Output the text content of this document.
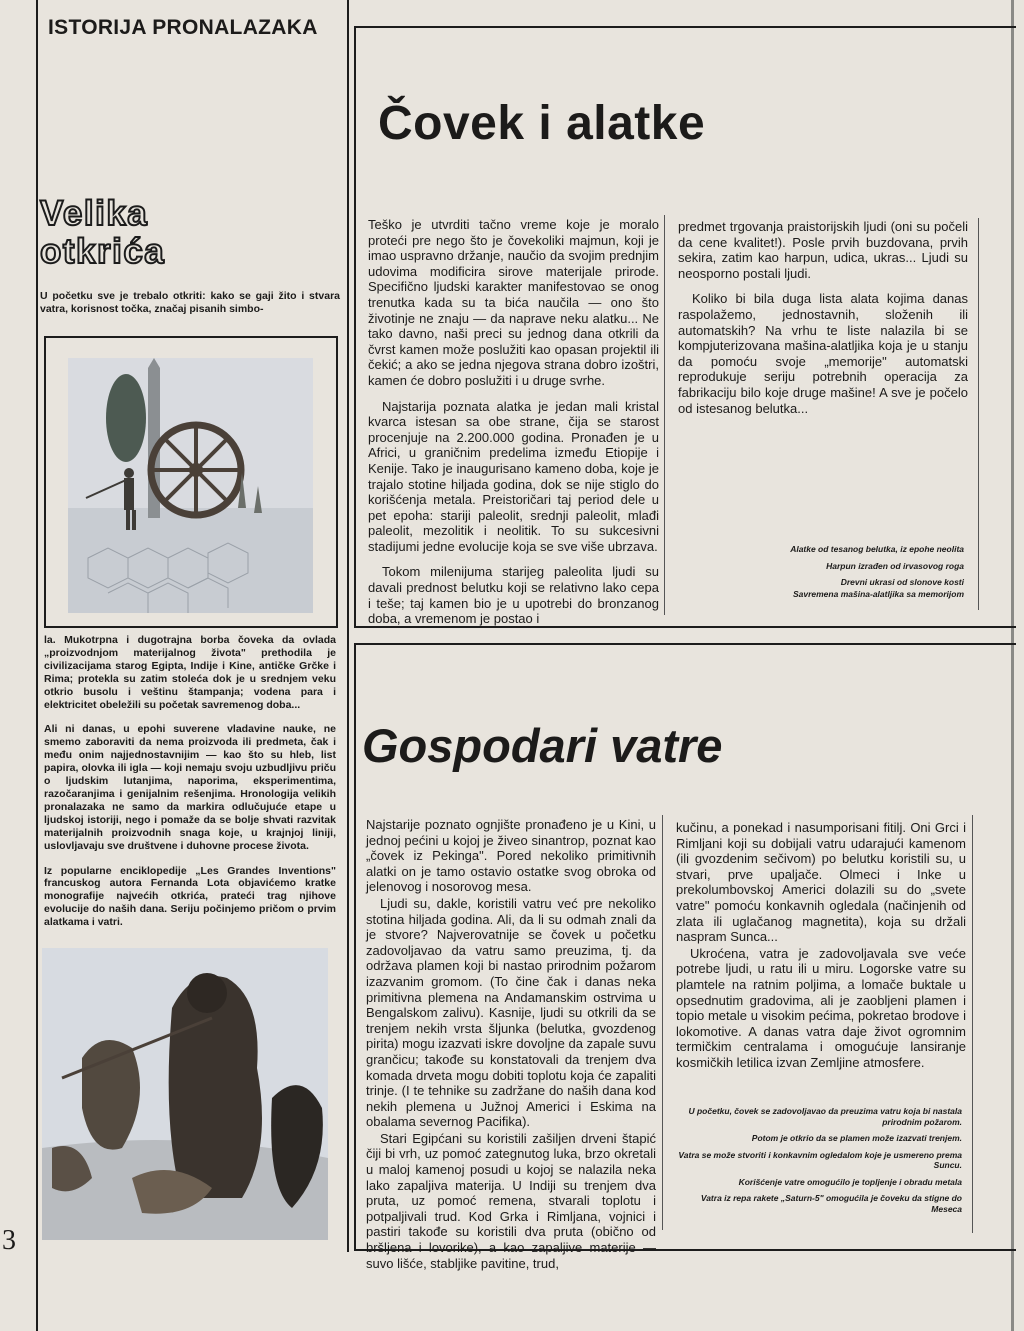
ISTORIJA PRONALAZAKA
Čovek i alatke

Teško je utvrditi tačno vreme koje je moralo proteći pre nego što je čovekoliki majmun, koji je imao uspravno držanje, naučio da svojim prednjim udovima modificira sirove materijale prirode. Specifično ljudski karakter manifestovao se onog trenutka kada su ta bića naučila — ono što životinje ne znaju — da naprave neku alatku... Ne tako davno, naši preci su jednog dana otkrili da čvrst kamen može poslužiti kao opasan projektil ili čekić; a ako se jedna njegova strana dobro izoštri, kamen će dobro poslužiti i u druge svrhe.

Najstarija poznata alatka je jedan mali kristal kvarca istesan sa obe strane, čija se starost procenjuje na 2.200.000 godina. Pronađen je u Africi, u graničnim predelima između Etiopije i Kenije. Tako je inaugurisano kameno doba, koje je trajalo stotine hiljada godina, dok se nije stiglo do korišćenja metala. Preistoričari taj period dele u pet epoha: stariji paleolit, srednji paleolit, mlađi paleolit, mezolitik i neolitik. To su sukcesivni stadijumi jedne evolucije koja se sve više ubrzava.

Tokom milenijuma starijeg paleolita ljudi su davali prednost belutku koji se relativno lako cepa i teše; taj kamen bio je u upotrebi do bronzanog doba, a vremenom je postao i

predmet trgovanja praistorijskih ljudi (oni su počeli da cene kvalitet!). Posle prvih buzdovana, prvih sekira, zatim kao harpun, udica, ukras... Ljudi su neosporno postali ljudi.

Koliko bi bila duga lista alata kojima danas raspolažemo, jednostavnih, složenih ili automatskih? Na vrhu te liste nalazila bi se kompjuterizovana mašina-alatljika koja je u stanju da pomoću svoje „memorije" automatski reprodukuje seriju potrebnih operacija za fabrikaciju bilo koje druge mašine! A sve je počelo od istesanog belutka...

Alatke od tesanog belutka, iz epohe neolita

Harpun izrađen od irvasovog roga

Drevni ukrasi od slonove kosti

Savremena mašina-alatljika sa memorijom

Velika
otkrića
U početku sve je trebalo otkriti: kako se gaji žito i stvara vatra, korisnost točka, značaj pisanih simbo-

la. Mukotrpna i dugotrajna borba čoveka da ovlada „proizvodnjom materijalnog života" prethodila je civilizacijama starog Egipta, Indije i Kine, antičke Grčke i Rima; protekla su zatim stoleća dok je u srednjem veku otkrio busolu i veštinu štampanja; vodena para i elektricitet obeležili su početak savremenog doba...

Ali ni danas, u epohi suverene vladavine nauke, ne smemo zaboraviti da nema proizvoda ili predmeta, čak i među onim najjednostavnijim — kao što su hleb, list papira, olovka ili igla — koji nemaju svoju uzbudljivu priču o ljudskim lutanjima, naporima, eksperimentima, razočaranjima i genijalnim rešenjima. Hronologija velikih pronalazaka ne samo da markira odlučujuće etape u ljudskoj istoriji, nego i pomaže da se bolje shvati razvitak materijalnih proizvodnih snaga koje, u krajnjoj liniji, uslovljavaju sve društvene i duhovne procese života.

Iz popularne enciklopedije „Les Grandes Inventions" francuskog autora Fernanda Lota objavićemo kratke monografije najvećih otkrića, prateći trag njihove evolucije do naših dana. Seriju počinjemo pričom o prvim alatkama i vatri.

Gospodari vatre

Najstarije poznato ognjište pronađeno je u Kini, u jednoj pećini u kojoj je živeo sinantrop, poznat kao „čovek iz Pekinga". Pored nekoliko primitivnih alatki on je tamo ostavio ostatke svog obroka od jelenovog i nosorovog mesa.

Ljudi su, dakle, koristili vatru već pre nekoliko stotina hiljada godina. Ali, da li su odmah znali da je stvore? Najverovatnije se čovek u početku zadovoljavao da vatru samo preuzima, tj. da održava plamen koji bi nastao prirodnim požarom izazvanim gromom. (To čine čak i danas neka primitivna plemena na Andamanskim ostrvima u Bengalskom zalivu). Kasnije, ljudi su otkrili da se trenjem nekih vrsta šljunka (belutka, gvozdenog pirita) mogu izazvati iskre dovoljne da zapale suvu grančicu; takođe su konstatovali da trenjem dva komada drveta mogu dobiti toplotu koja će zapaliti trinje. (I te tehnike su zadržane do naših dana kod nekih plemena u Južnoj Americi i Eskima na obalama severnog Pacifika).

Stari Egipćani su koristili zašiljen drveni štapić čiji bi vrh, uz pomoć zategnutog luka, brzo okretali u maloj kamenoj posudi u kojoj se nalazila neka lako zapaljiva materija. U Indiji su trenjem dva pruta, uz pomoć remena, stvarali toplotu i potpaljivali trud. Kod Grka i Rimljana, vojnici i pastiri takođe su koristili dva pruta (obično od bršljena i lovorike), a kao zapaljive materije — suvo lišće, stabljike pavitine, trud,

kučinu, a ponekad i nasumporisani fitilj. Oni Grci i Rimljani koji su dobijali vatru udarajući kamenom (ili gvozdenim sečivom) po belutku koristili su, u stvari, prve upaljače. Olmeci i Inke u prekolumbovskoj Americi dolazili su do „svete vatre" pomoću konkavnih ogledala (načinjenih od zlata ili uglačanog magnetita), koja su držali naspram Sunca...

Ukroćena, vatra je zadovoljavala sve veće potrebe ljudi, u ratu ili u miru. Logorske vatre su plamtele na ratnim poljima, a lomače buktale u opsednutim gradovima, ali je zaobljeni plamen i topio metale u visokim pećima, pokretao brodove i lokomotive. A danas vatra daje život ogromnim termičkim centralama i omogućuje lansiranje kosmičkih letilica izvan Zemljine atmosfere.

U početku, čovek se zadovoljavao da preuzima vatru koja bi nastala prirodnim požarom.

Potom je otkrio da se plamen može izazvati trenjem.

Vatra se može stvoriti i konkavnim ogledalom koje je usmereno prema Suncu.

Korišćenje vatre omogućilo je topljenje i obradu metala

Vatra iz repa rakete „Saturn-5" omogućila je čoveku da stigne do Meseca

3
